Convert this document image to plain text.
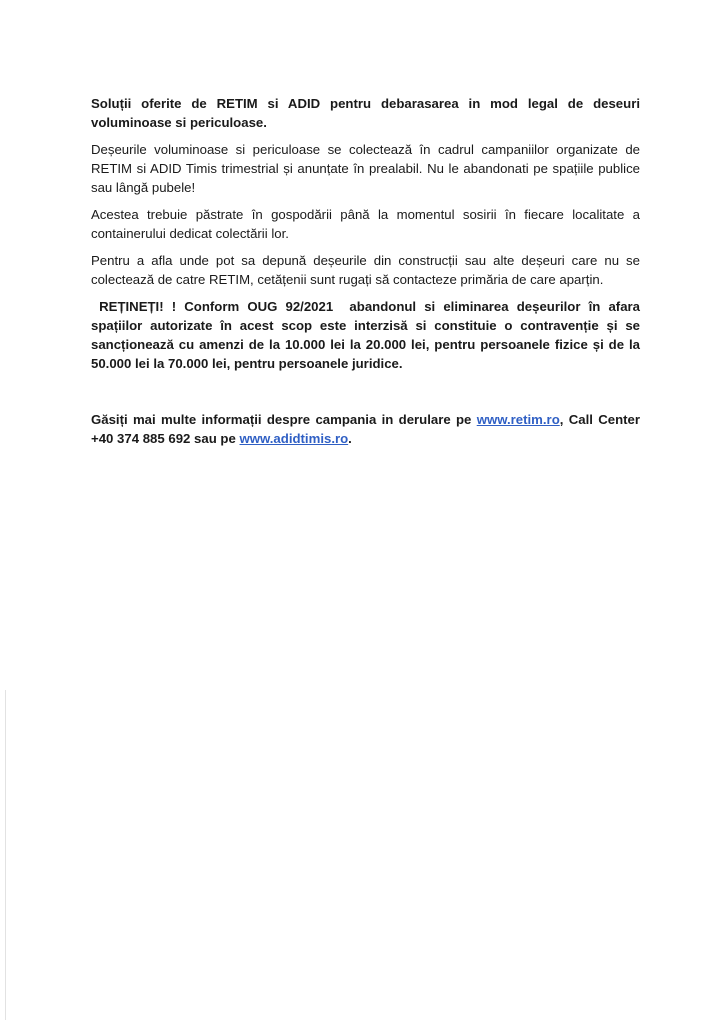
Soluții oferite de RETIM si ADID pentru debarasarea in mod legal de deseuri voluminoase si periculoase.

Deșeurile voluminoase si periculoase se colectează în cadrul campaniilor organizate de RETIM si ADID Timis trimestrial și anunțate în prealabil. Nu le abandonati pe spațiile publice sau lângă pubele!

Acestea trebuie păstrate în gospodării până la momentul sosirii în fiecare localitate a containerului dedicat colectării lor.

Pentru a afla unde pot sa depună deșeurile din construcții sau alte deșeuri care nu se colectează de catre RETIM, cetățenii sunt rugați să contacteze primăria de care aparțin.

REȚINEȚI! ! Conform OUG 92/2021  abandonul si eliminarea deșeurilor în afara spațiilor autorizate în acest scop este interzisă si constituie o contravenție și se sancționează cu amenzi de la 10.000 lei la 20.000 lei, pentru persoanele fizice și de la 50.000 lei la 70.000 lei, pentru persoanele juridice.

Găsiți mai multe informații despre campania in derulare pe www.retim.ro, Call Center +40 374 885 692 sau pe www.adidtimis.ro.
